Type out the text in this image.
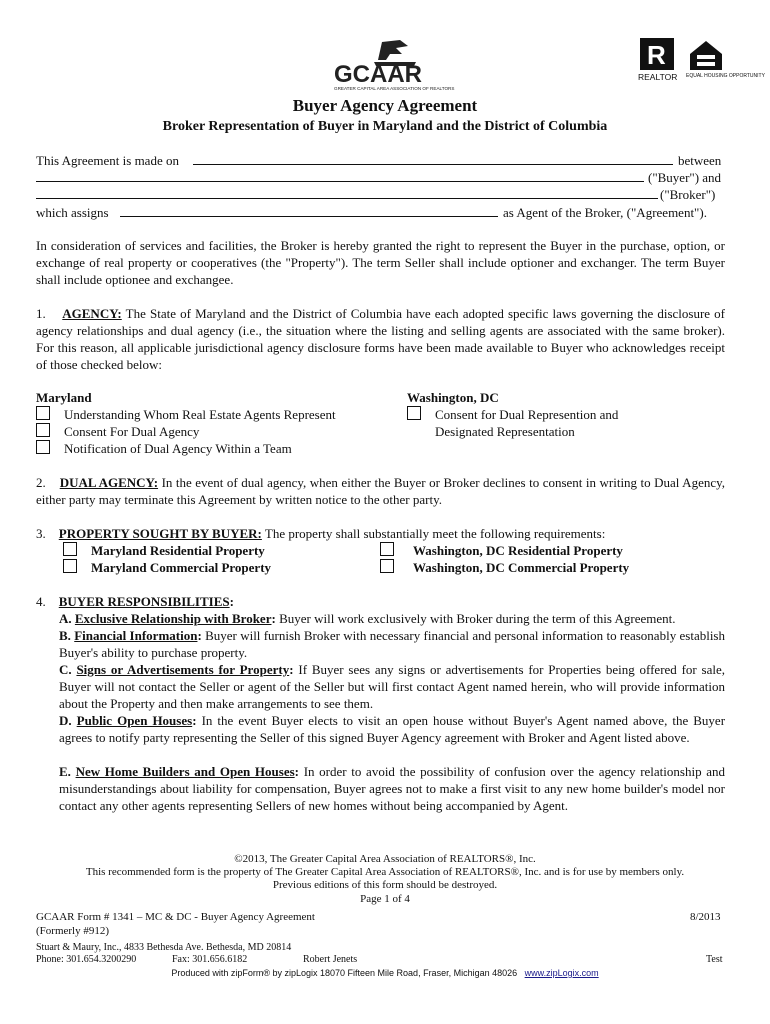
GCAAR
GREATER CAPITAL AREA ASSOCIATION OF REALTORS
R
REALTOR EQUAL HOUSING OPPORTUNITY
Buyer Agency Agreement
Broker Representation of Buyer in Maryland and the District of Columbia
This Agreement is made on	between
("Buyer") and
("Broker")
which assigns	as Agent of the Broker, ("Agreement").
In consideration of services and facilities, the Broker is hereby granted the right to represent the Buyer in the purchase, option, or exchange of real property or cooperatives (the "Property"). The term Seller shall include optioner and exchanger. The term Buyer shall include optionee and exchangee.
1. AGENCY: The State of Maryland and the District of Columbia have each adopted specific laws governing the disclosure of agency relationships and dual agency (i.e., the situation where the listing and selling agents are associated with the same broker). For this reason, all applicable jurisdictional agency disclosure forms have been made available to Buyer who acknowledges receipt of those checked below:
Maryland
Understanding Whom Real Estate Agents Represent
Consent For Dual Agency
Notification of Dual Agency Within a Team
Washington, DC
Consent for Dual Represention and
Designated Representation
2. DUAL AGENCY: In the event of dual agency, when either the Buyer or Broker declines to consent in writing to Dual Agency, either party may terminate this Agreement by written notice to the other party.
3. PROPERTY SOUGHT BY BUYER: The property shall substantially meet the following requirements:
Maryland Residential Property	Washington, DC Residential Property
Maryland Commercial Property	Washington, DC Commercial Property
4. BUYER RESPONSIBILITIES:
A. Exclusive Relationship with Broker: Buyer will work exclusively with Broker during the term of this Agreement.
B. Financial Information: Buyer will furnish Broker with necessary financial and personal information to reasonably establish Buyer's ability to purchase property.
C. Signs or Advertisements for Property: If Buyer sees any signs or advertisements for Properties being offered for sale, Buyer will not contact the Seller or agent of the Seller but will first contact Agent named herein, who will provide information about the Property and then make arrangements to see them.
D. Public Open Houses: In the event Buyer elects to visit an open house without Buyer's Agent named above, the Buyer agrees to notify party representing the Seller of this signed Buyer Agency agreement with Broker and Agent listed above.
E. New Home Builders and Open Houses: In order to avoid the possibility of confusion over the agency relationship and misunderstandings about liability for compensation, Buyer agrees not to make a first visit to any new home builder's model nor contact any other agents representing Sellers of new homes without being accompanied by Agent.
©2013, The Greater Capital Area Association of REALTORS®, Inc.
This recommended form is the property of The Greater Capital Area Association of REALTORS®, Inc. and is for use by members only.
Previous editions of this form should be destroyed.
Page 1 of 4
GCAAR Form # 1341 – MC & DC - Buyer Agency Agreement	8/2013
(Formerly #912)
Stuart & Maury, Inc., 4833 Bethesda Ave. Bethesda, MD 20814
Phone: 301.654.3200290	Fax: 301.656.6182	Robert Jenets	Test
Produced with zipForm® by zipLogix 18070 Fifteen Mile Road, Fraser, Michigan 48026 www.zipLogix.com
